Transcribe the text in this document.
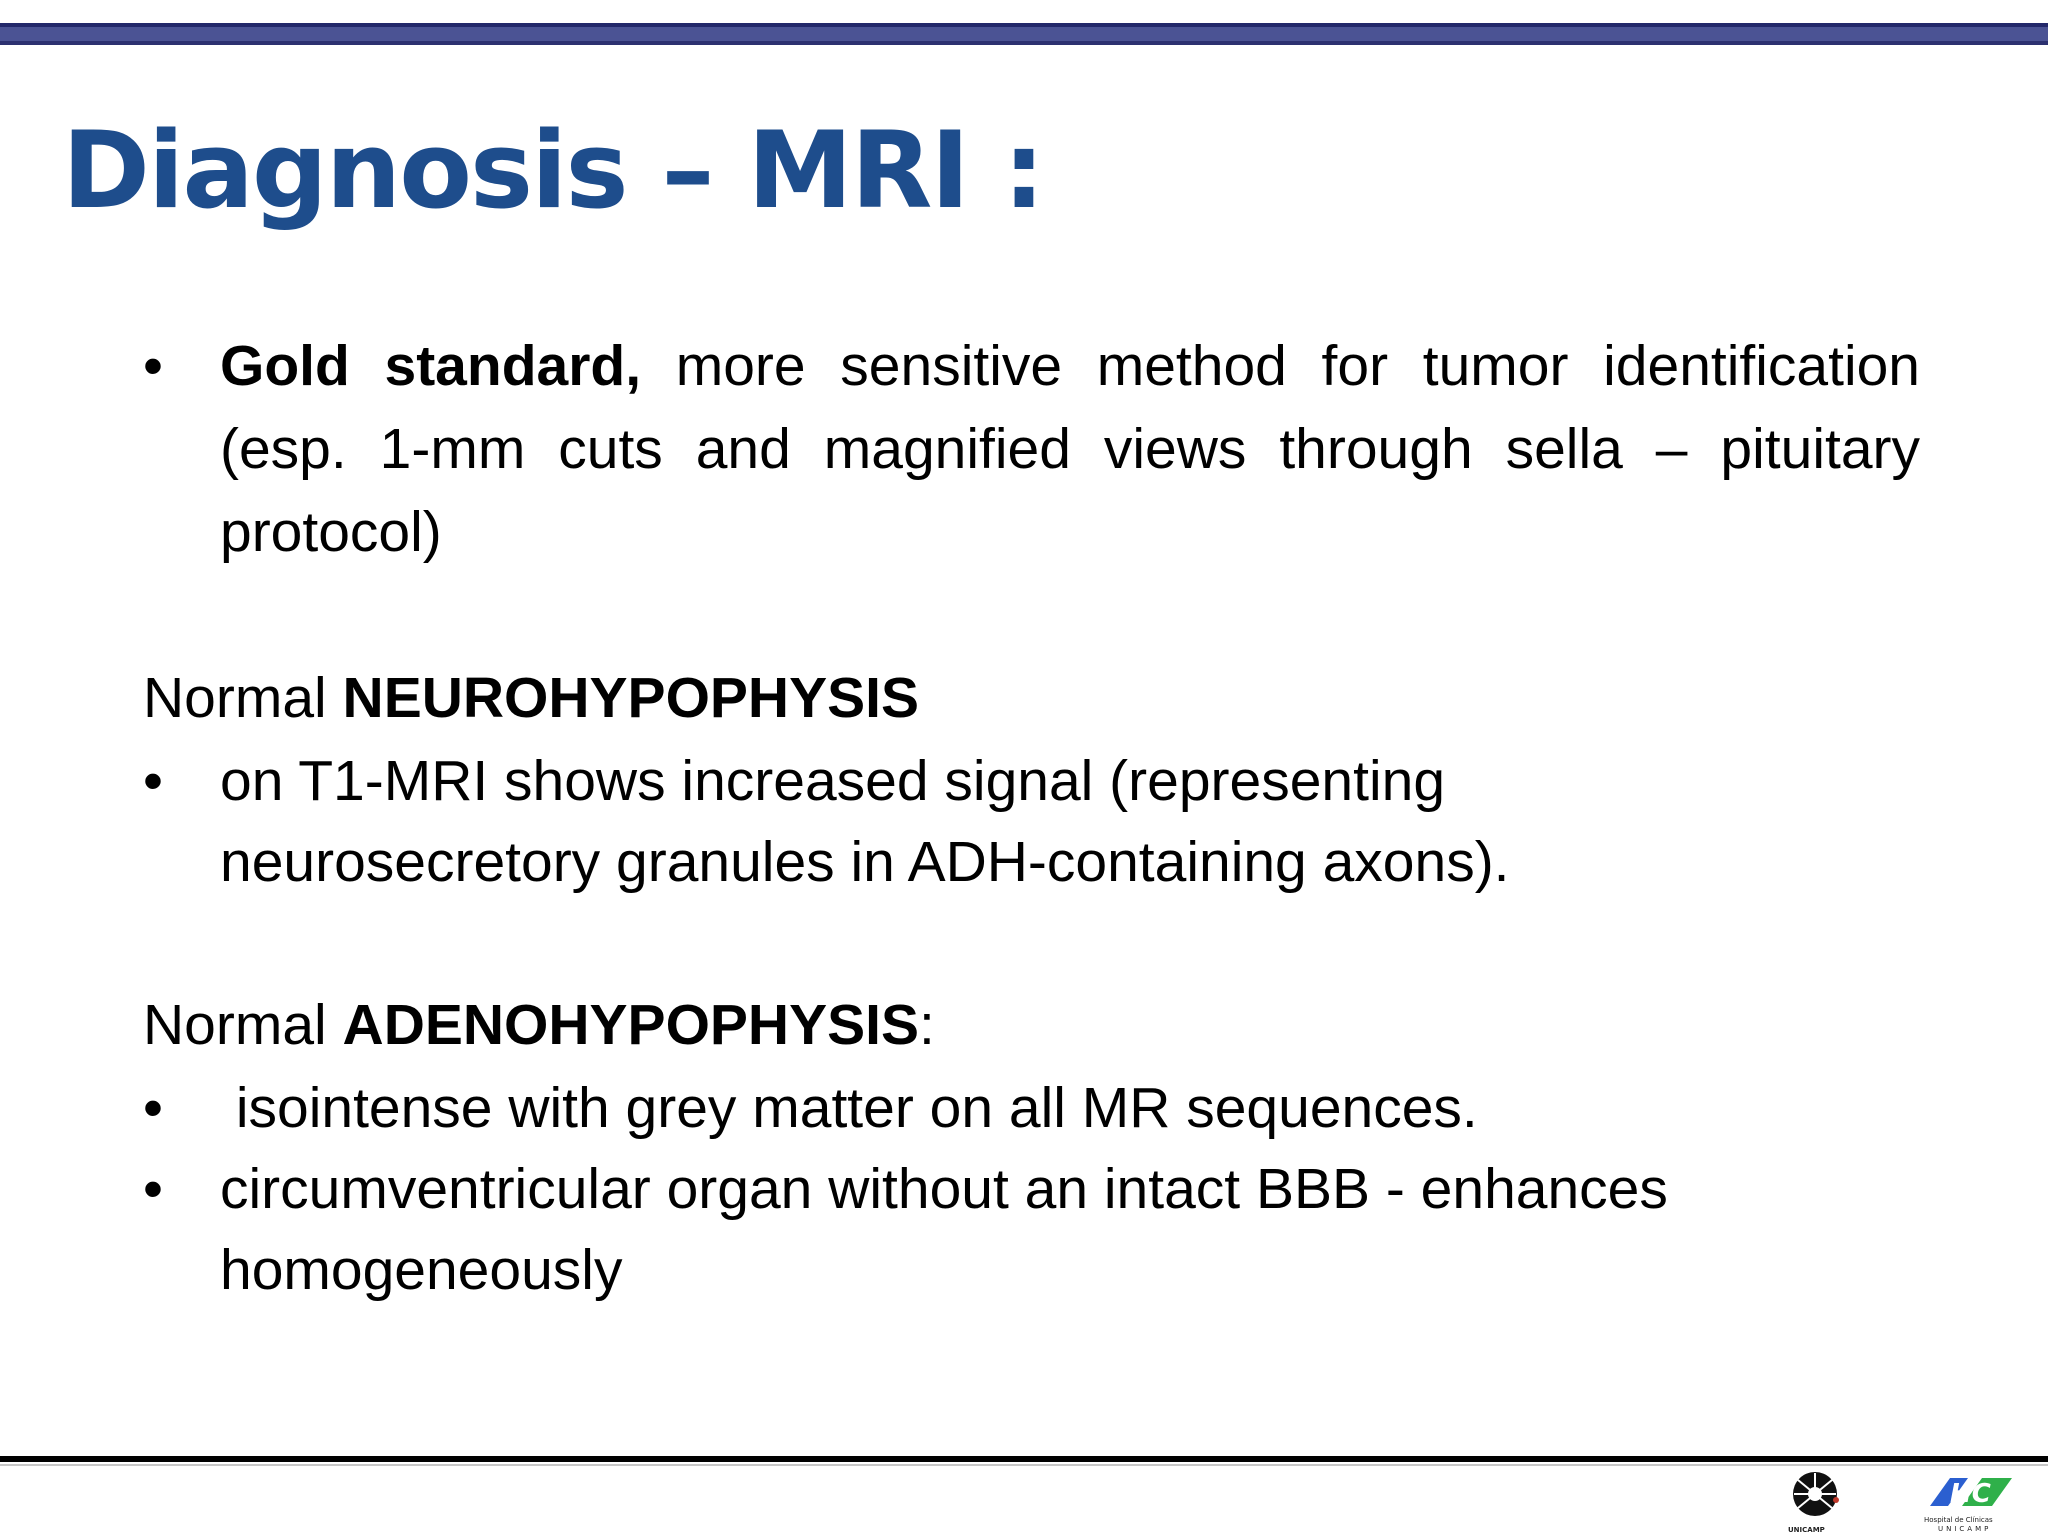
Diagnosis – MRI :
• Gold standard, more sensitive method for tumor identification (esp. 1-mm cuts and magnified views through sella – pituitary protocol)
Normal NEUROHYPOPHYSIS
• on T1-MRI shows increased signal (representing
neurosecretory granules in ADH-containing axons).
Normal ADENOHYPOPHYSIS:
• isointense with grey matter on all MR sequences.
• circumventricular organ without an intact BBB - enhances
homogeneously
UNICAMP
HC
Hospital de Clínicas
UNICAMP
